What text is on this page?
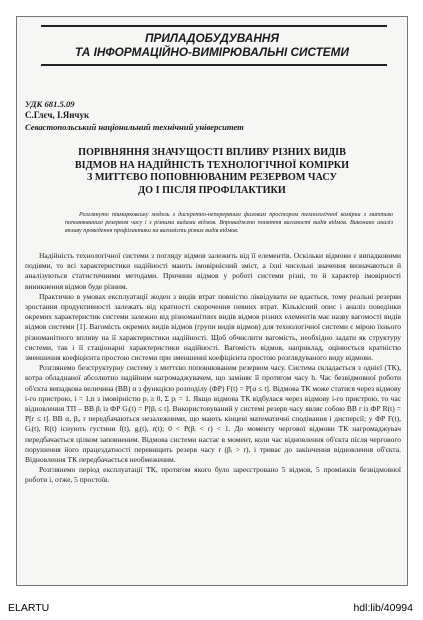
ПРИЛАДОБУДУВАННЯ
ТА ІНФОРМАЦІЙНО-ВИМІРЮВАЛЬНІ СИСТЕМИ
УДК 681.5.09
С.Глєч, І.Янчук
Севастопольський національний технічний університет
ПОРІВНЯННЯ ЗНАЧУЩОСТІ ВПЛИВУ РІЗНИХ ВИДІВ
ВІДМОВ НА НАДІЙНІСТЬ ТЕХНОЛОГІЧНОЇ КОМІРКИ
З МИТТЄВО ПОПОВНЮВАНИМ РЕЗЕРВОМ ЧАСУ
ДО І ПІСЛЯ ПРОФІЛАКТИКИ

Розглянуто півмарковську модель з дискретно-неперервним фазовим простором технологічної комірки з миттєво поповнюваним резервом часу і з різними видами відмов. Впроваджено поняття вагомості видів відмов. Виконано аналіз впливу проведення профілактики на вагомість різних видів відмов.

Надійність технологічної системи з погляду відмов залежить від її елементів. Оскільки відмови є випадковими подіями, то всі характеристики надійності мають імовірнісний зміст, а їхні чисельні значення визначаються й аналізуються статистичними методами. Причини відмов у роботі системи різні, то й характер імовірності виникнення відмов буде різним.

Практично в умовах експлуатації жоден з видів втрат повністю ліквідувати не вдається, тому реальні резерви зростання продуктивності залежать від кратності скорочення певних втрат. Кількісний опис і аналіз поведінки окремих характеристик системи залежно від різноманітних видів відмов різних елементів має назву вагомості видів відмов системи [1]. Вагомість окремих видів відмов (групи видів відмов) для технологічної системи є мірою їхнього різноманітного впливу на її характеристики надійності. Щоб обчислити вагомість, необхідно задати як структуру системи, так і її стаціонарні характеристики надійності. Вагомість відмов, наприклад, оцінюється кратністю зменшення коефіцієнта простою системи при зменшенні коефіцієнта простою розглядуваного виду відмови.

Розглянемо безструктурну систему з миттєво поповнюваним резервом часу. Система складається з однієї (ТК), котра обладнаної абсолютно надійним нагромаджувачем, що заміняє її протягом часу h. Час безвідмовної роботи об'єкта випадкова величина (ВВ) α з функцією розподілу (ФР) F(t) = P[α ≤ t]. Відмова ТК може статися через відмову i-го пристрою, i = 1,n з імовірністю pᵢ ≥ 0, Σ pᵢ = 1. Якщо відмова ТК відбулася через відмову i-го пристрою, то час відновлення ТП – ВВ βᵢ із ФР Gᵢ(t) = P[βᵢ ≤ t]. Використовуваний у системі резерв часу являє собою ВВ r із ФР R(t) = P[r ≤ t]. ВВ α, βᵢ, r передбачаються незалежними, що мають кінцеві математичні сподівання і дисперсії; у ФР F(t), Gᵢ(t), R(t) існують густини f(t), gᵢ(t), r(t); 0 < P(βᵢ < r) < 1. До моменту чергової відмови ТК нагромаджувач передбачається цілком заповненим. Відмова системи настає в момент, коли час відновлення об'єкта після чергового порушення його працездатності перевищить резерв часу r (βᵢ > r), і триває до закінчення відновлення об'єкта. Відновлення ТК передбачається необмеженим.

Розглянемо період експлуатації ТК, протягом якого було зареєстровано 5 відмов, 5 проміжків безвідмовної роботи і, отже, 5 простоїв.

ELARTU	hdl:lib/40994
